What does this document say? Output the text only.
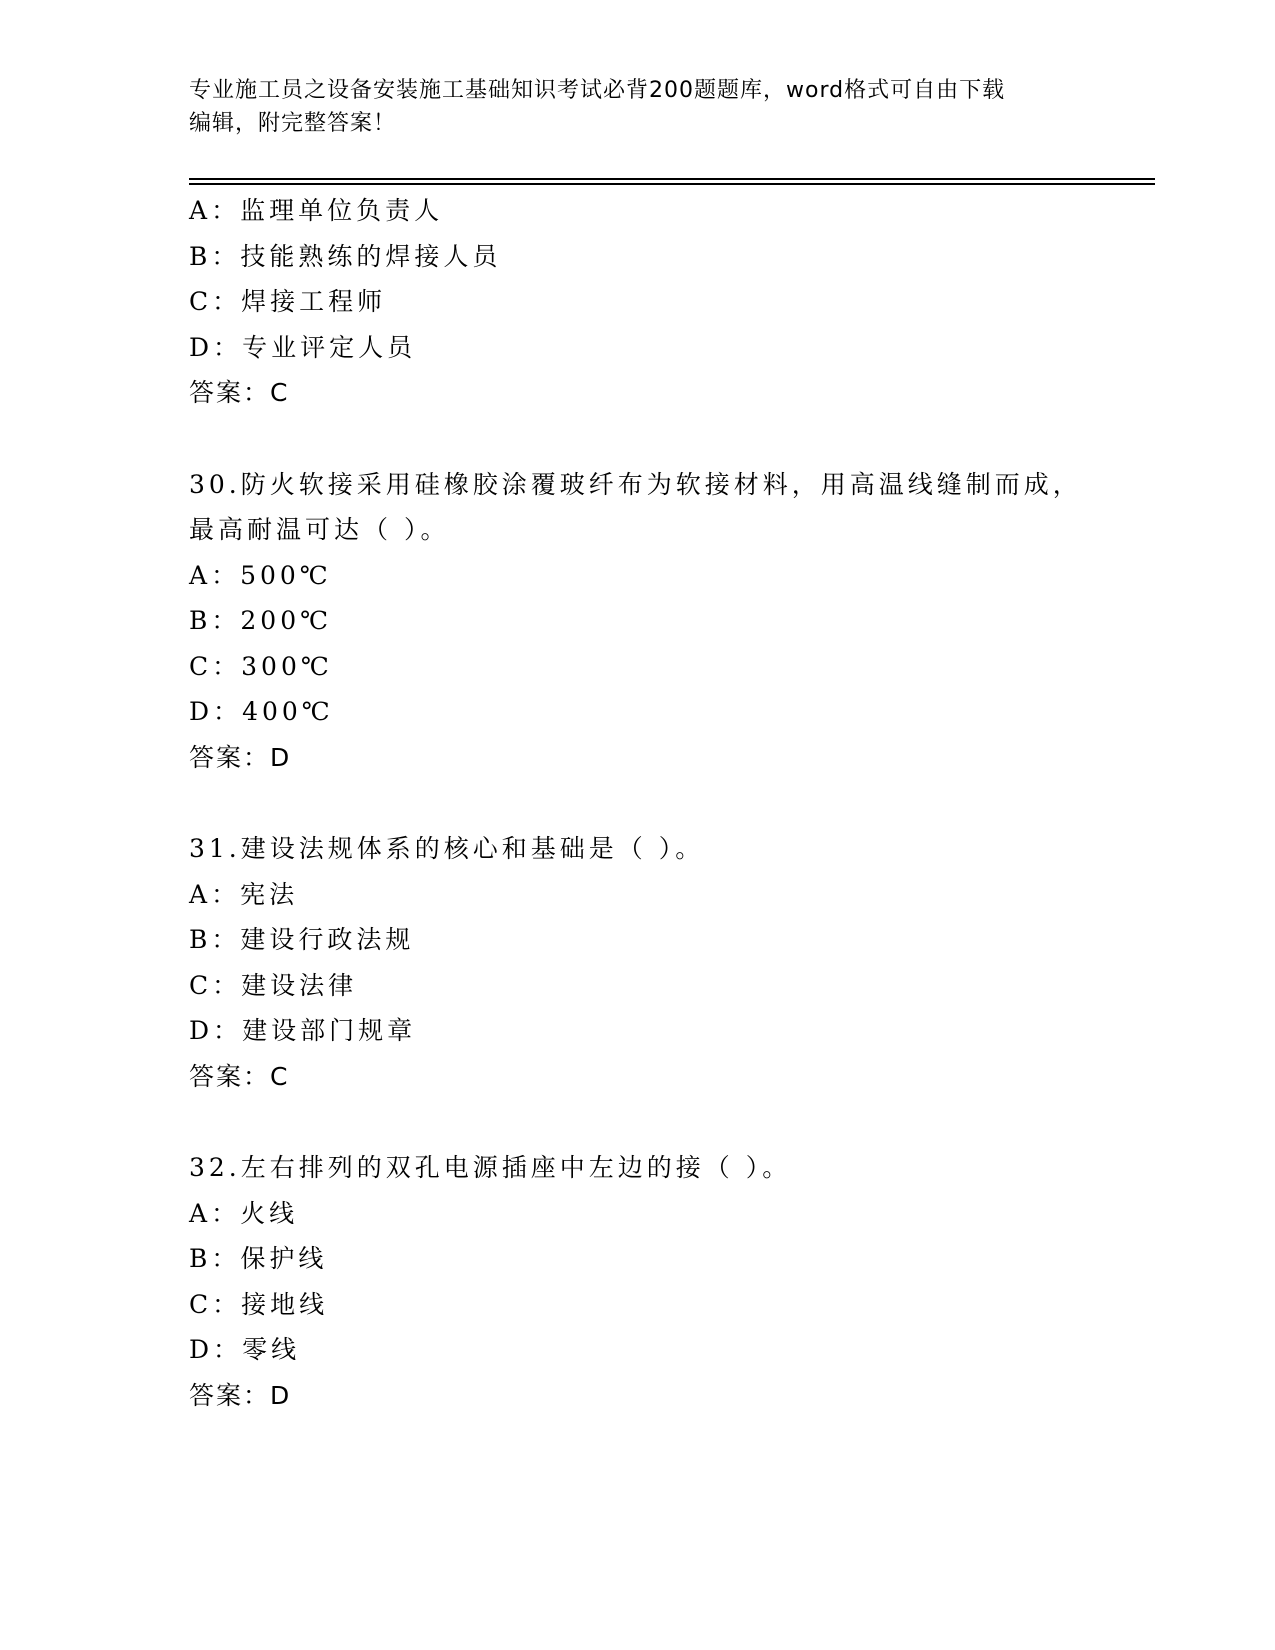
专业施工员之设备安装施工基础知识考试必背200题题库，word格式可自由下载

编辑，附完整答案！

A：监理单位负责人
B：技能熟练的焊接人员
C：焊接工程师
D：专业评定人员
答案：C
30.防火软接采用硅橡胶涂覆玻纤布为软接材料，用高温线缝制而成，
最高耐温可达（ ）。
A：500℃
B：200℃
C：300℃
D：400℃
答案：D
31.建设法规体系的核心和基础是（ ）。
A：宪法
B：建设行政法规
C：建设法律
D：建设部门规章
答案：C
32.左右排列的双孔电源插座中左边的接（ ）。
A：火线
B：保护线
C：接地线
D：零线
答案：D
